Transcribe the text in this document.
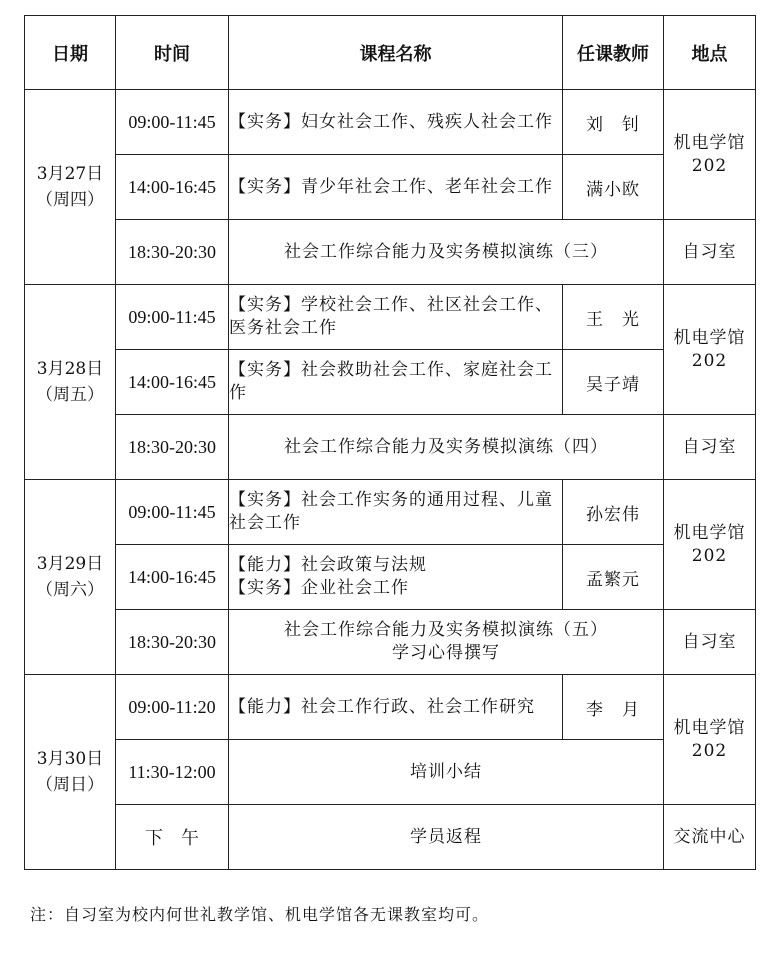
日期	时间	课程名称	任课教师	地点

3月27日
（周四）	09:00-11:45	【实务】妇女社会工作、残疾人社会工作	刘　钊	机电学馆202
	14:00-16:45	【实务】青少年社会工作、老年社会工作	满小欧	
	18:30-20:30	社会工作综合能力及实务模拟演练（三）		自习室

3月28日
（周五）	09:00-11:45	【实务】学校社会工作、社区社会工作、医务社会工作	王　光	机电学馆202
	14:00-16:45	【实务】社会救助社会工作、家庭社会工作	吴子靖	
	18:30-20:30	社会工作综合能力及实务模拟演练（四）		自习室

3月29日
（周六）	09:00-11:45	【实务】社会工作实务的通用过程、儿童社会工作	孙宏伟	机电学馆202
	14:00-16:45	【能力】社会政策与法规
【实务】企业社会工作	孟繁元	
	18:30-20:30	社会工作综合能力及实务模拟演练（五）
学习心得撰写		自习室

3月30日
（周日）	09:00-11:20	【能力】社会工作行政、社会工作研究	李　月	机电学馆202
	11:30-12:00	培训小结		
	下　午	学员返程		交流中心
注：自习室为校内何世礼教学馆、机电学馆各无课教室均可。
